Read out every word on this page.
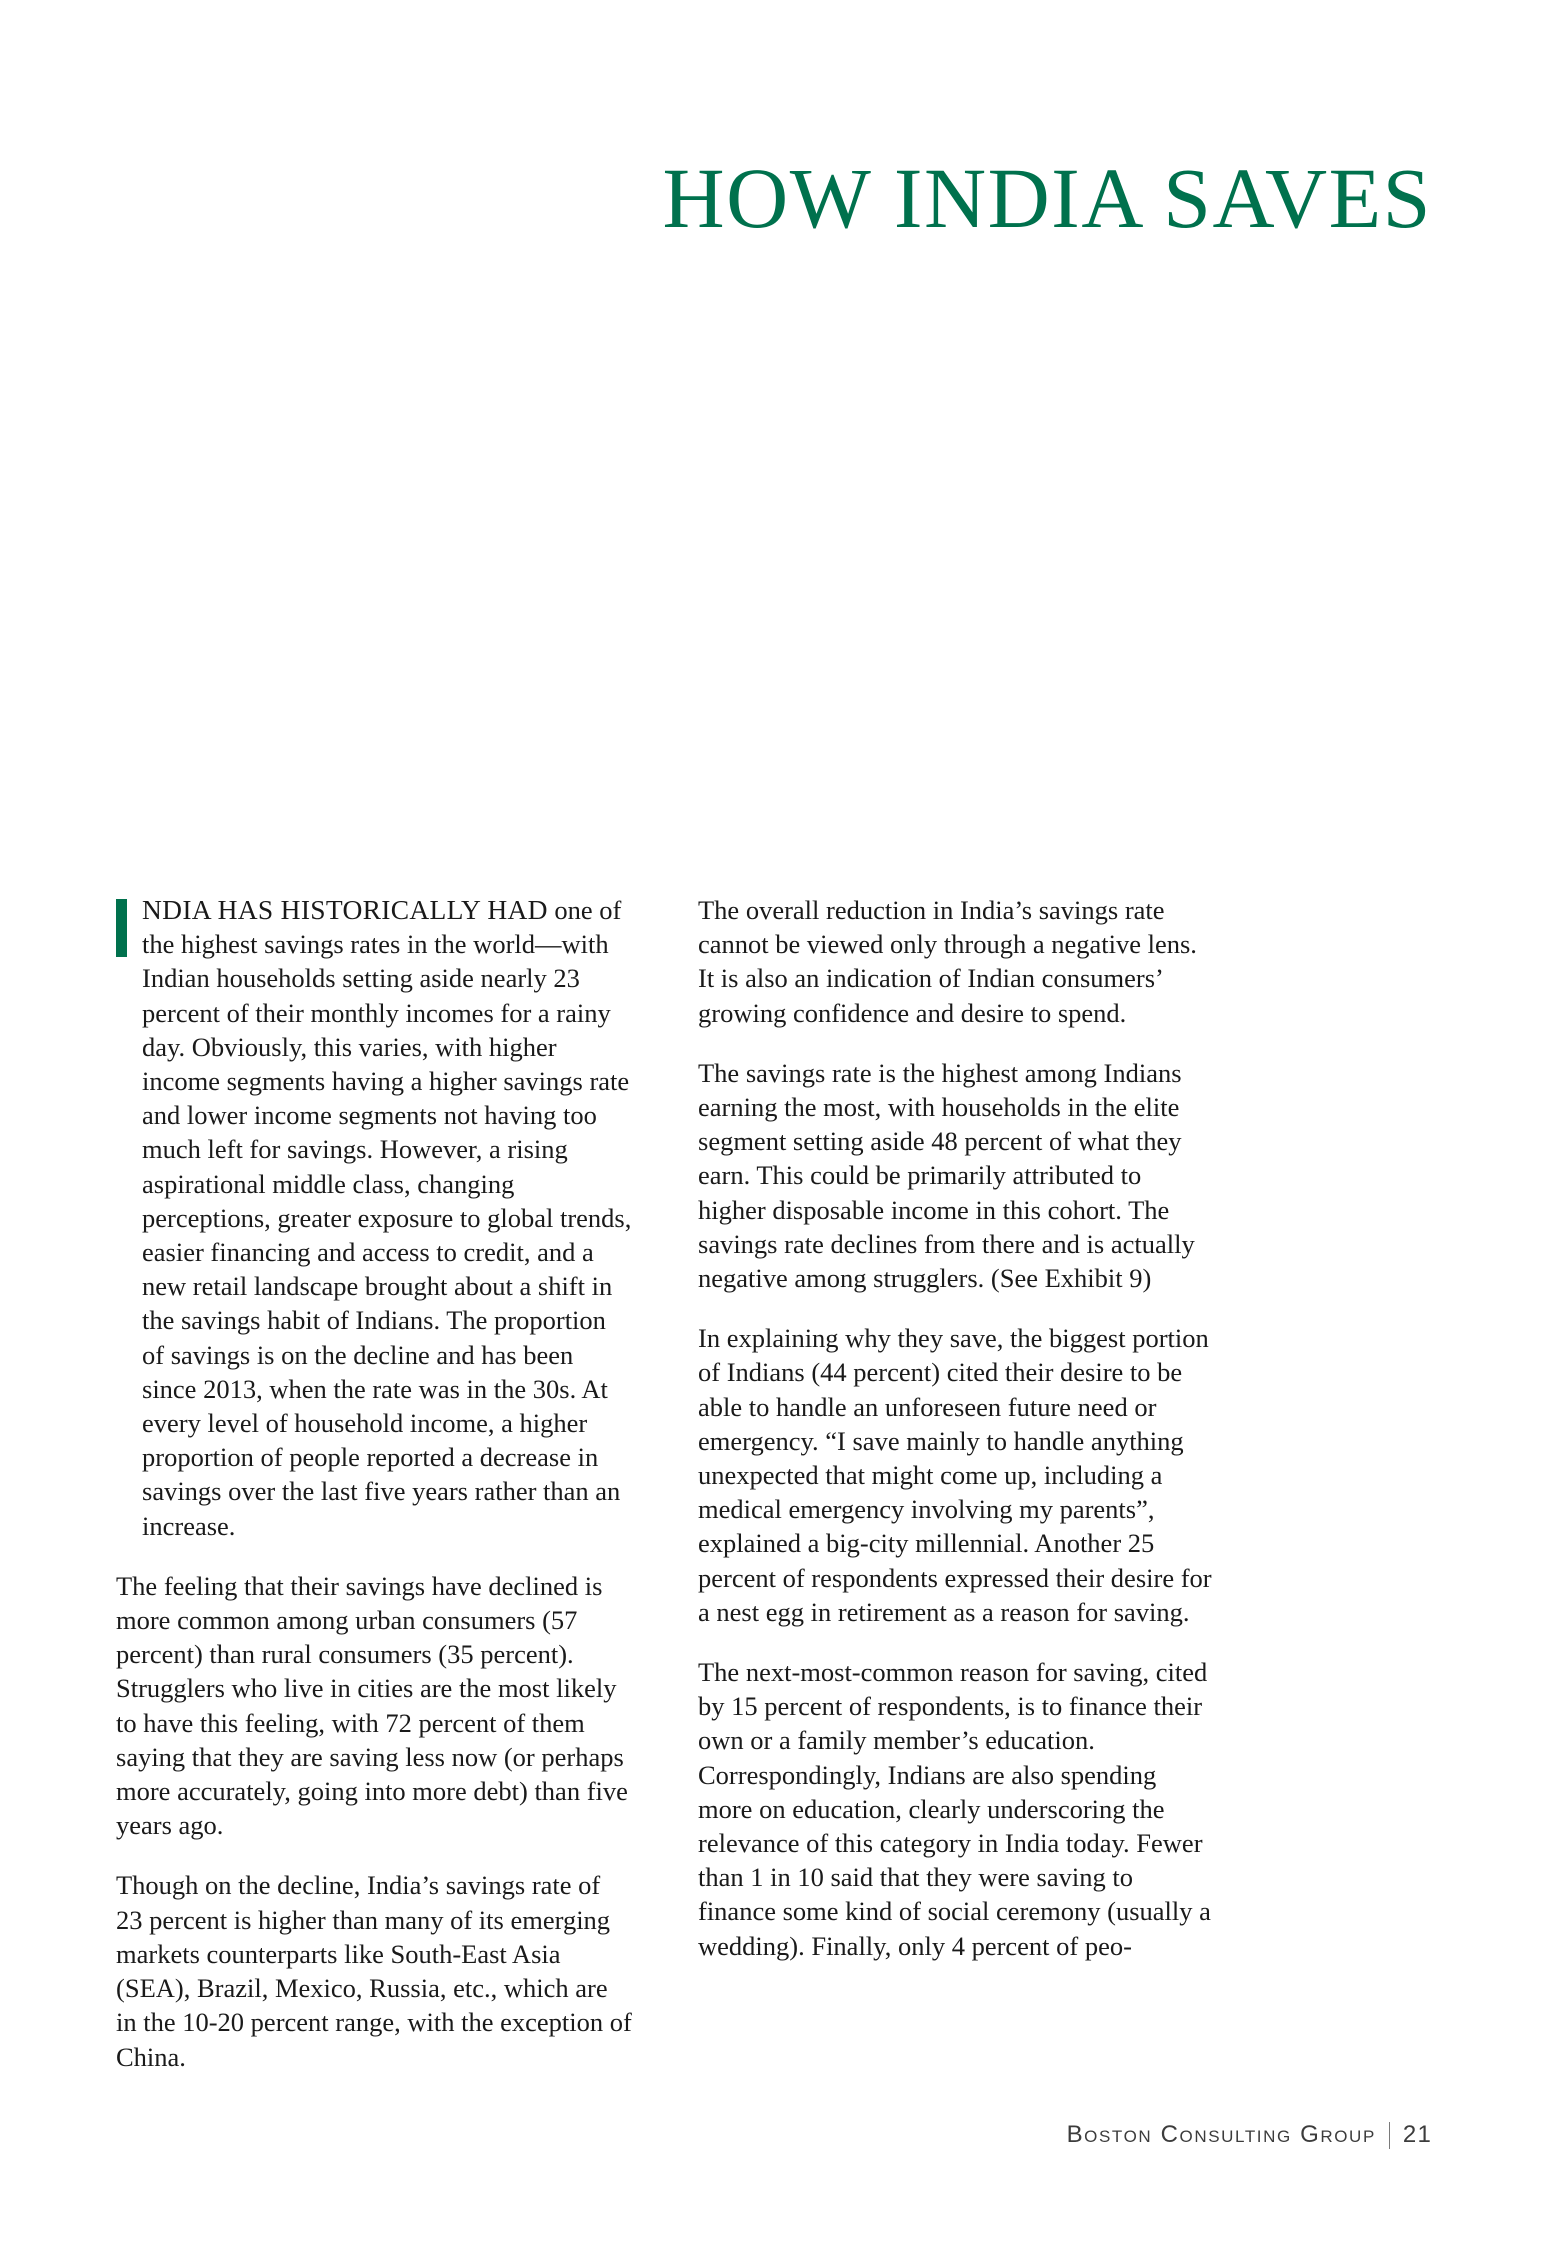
HOW INDIA SAVES

NDIA HAS HISTORICALLY HAD one of the highest savings rates in the world—with Indian households setting aside nearly 23 percent of their monthly incomes for a rainy day. Obviously, this varies, with higher income segments having a higher savings rate and lower income segments not having too much left for savings. However, a rising aspirational middle class, changing perceptions, greater exposure to global trends, easier financing and access to credit, and a new retail landscape brought about a shift in the savings habit of Indians. The proportion of savings is on the decline and has been since 2013, when the rate was in the 30s. At every level of household income, a higher proportion of people reported a decrease in savings over the last five years rather than an increase.

The feeling that their savings have declined is more common among urban consumers (57 percent) than rural consumers (35 percent). Strugglers who live in cities are the most likely to have this feeling, with 72 percent of them saying that they are saving less now (or perhaps more accurately, going into more debt) than five years ago.

Though on the decline, India’s savings rate of 23 percent is higher than many of its emerging markets counterparts like South-East Asia (SEA), Brazil, Mexico, Russia, etc., which are in the 10-20 percent range, with the exception of China.

The overall reduction in India’s savings rate cannot be viewed only through a negative lens. It is also an indication of Indian consumers’ growing confidence and desire to spend.

The savings rate is the highest among Indians earning the most, with households in the elite segment setting aside 48 percent of what they earn. This could be primarily attributed to higher disposable income in this cohort. The savings rate declines from there and is actually negative among strugglers. (See Exhibit 9)

In explaining why they save, the biggest portion of Indians (44 percent) cited their desire to be able to handle an unforeseen future need or emergency. “I save mainly to handle anything unexpected that might come up, including a medical emergency involving my parents”, explained a big-city millennial. Another 25 percent of respondents expressed their desire for a nest egg in retirement as a reason for saving.

The next-most-common reason for saving, cited by 15 percent of respondents, is to finance their own or a family member’s education. Correspondingly, Indians are also spending more on education, clearly underscoring the relevance of this category in India today. Fewer than 1 in 10 said that they were saving to finance some kind of social ceremony (usually a wedding). Finally, only 4 percent of peo-

Boston Consulting Group 21
